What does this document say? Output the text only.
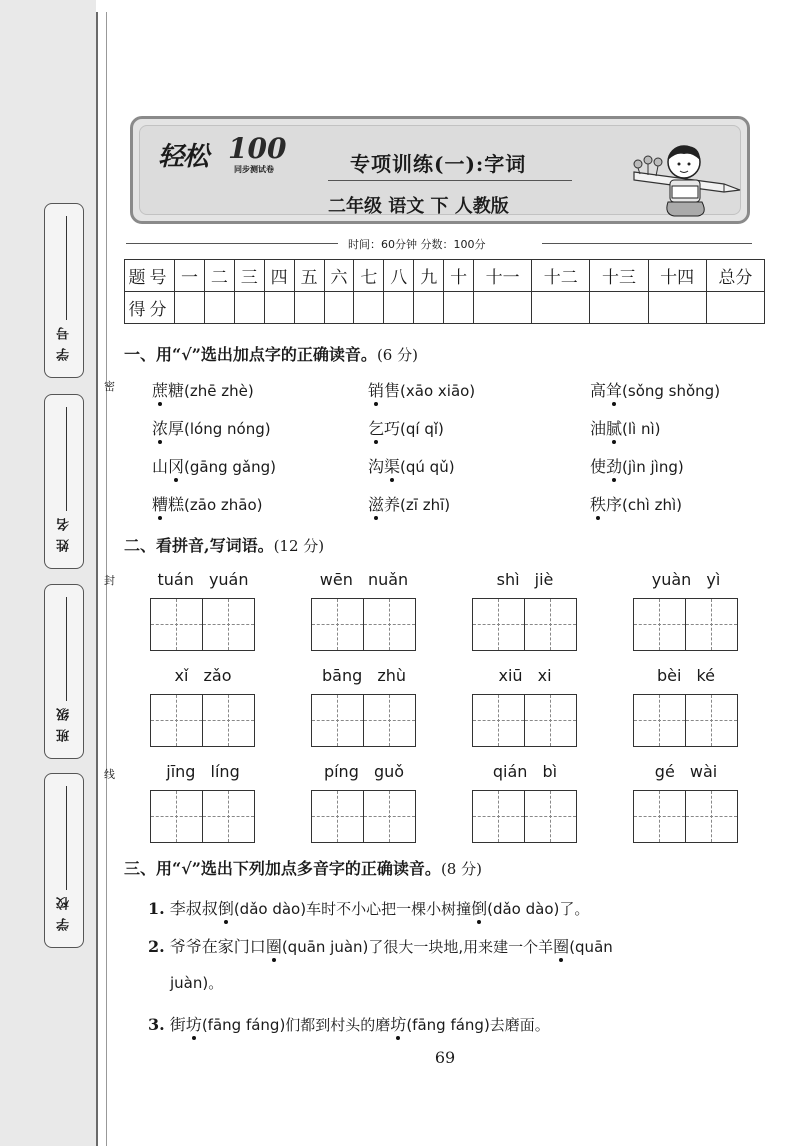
学号
姓名
班级
学校
密
封
线
轻松 100
同步测试卷	专项训练(一):字词
二年级 语文 下 人教版
时间：60分钟 分数：100分
题号	一	二	三	四	五	六	七	八	九	十	十一	十二	十三	十四	总分
得分															
一、用“√”选出加点字的正确读音。(6 分)
蔗糖(zhē zhè)	销售(xāo xiāo)	高耸(sǒng shǒng)
浓厚(lóng nóng)	乞巧(qí qǐ)	油腻(lì nì)
山冈(gāng gǎng)	沟渠(qú qǔ)	使劲(jìn jìng)
糟糕(zāo zhāo)	滋养(zī zhī)	秩序(chì zhì)
二、看拼音,写词语。(12 分)
tuán yuán	wēn nuǎn	shì jiè	yuàn yì
xǐ zǎo	bāng zhù	xiū xi	bèi ké
jīng líng	píng guǒ	qián bì	gé wài
三、用“√”选出下列加点多音字的正确读音。(8 分)
1. 李叔叔倒(dǎo dào)车时不小心把一棵小树撞倒(dǎo dào)了。
2. 爷爷在家门口圈(quān juàn)了很大一块地,用来建一个羊圈(quān
juàn)。
3. 街坊(fāng fáng)们都到村头的磨坊(fāng fáng)去磨面。
69
